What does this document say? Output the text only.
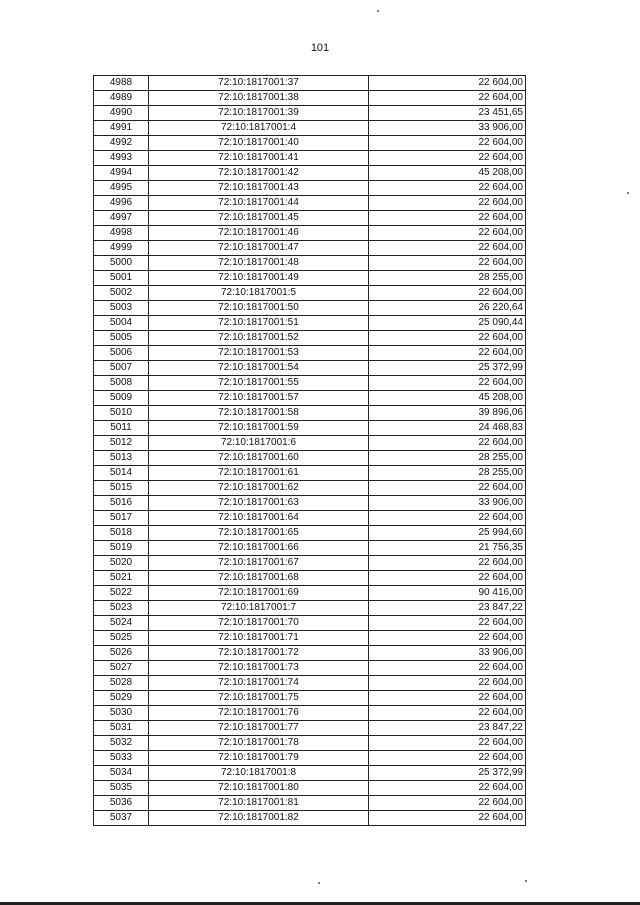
101
4988	72:10:1817001:37	22 604,00
4989	72:10:1817001:38	22 604,00
4990	72:10:1817001:39	23 451,65
4991	72:10:1817001:4	33 906,00
4992	72:10:1817001:40	22 604,00
4993	72:10:1817001:41	22 604,00
4994	72:10:1817001:42	45 208,00
4995	72:10:1817001:43	22 604,00
4996	72:10:1817001:44	22 604,00
4997	72:10:1817001:45	22 604,00
4998	72:10:1817001:46	22 604,00
4999	72:10:1817001:47	22 604,00
5000	72:10:1817001:48	22 604,00
5001	72:10:1817001:49	28 255,00
5002	72:10:1817001:5	22 604,00
5003	72:10:1817001:50	26 220,64
5004	72:10:1817001:51	25 090,44
5005	72:10:1817001:52	22 604,00
5006	72:10:1817001:53	22 604,00
5007	72:10:1817001:54	25 372,99
5008	72:10:1817001:55	22 604,00
5009	72:10:1817001:57	45 208,00
5010	72:10:1817001:58	39 896,06
5011	72:10:1817001:59	24 468,83
5012	72:10:1817001:6	22 604,00
5013	72:10:1817001:60	28 255,00
5014	72:10:1817001:61	28 255,00
5015	72:10:1817001:62	22 604,00
5016	72:10:1817001:63	33 906,00
5017	72:10:1817001:64	22 604,00
5018	72:10:1817001:65	25 994,60
5019	72:10:1817001:66	21 756,35
5020	72:10:1817001:67	22 604,00
5021	72:10:1817001:68	22 604,00
5022	72:10:1817001:69	90 416,00
5023	72:10:1817001:7	23 847,22
5024	72:10:1817001:70	22 604,00
5025	72:10:1817001:71	22 604,00
5026	72:10:1817001:72	33 906,00
5027	72:10:1817001:73	22 604,00
5028	72:10:1817001:74	22 604,00
5029	72:10:1817001:75	22 604,00
5030	72:10:1817001:76	22 604,00
5031	72:10:1817001:77	23 847,22
5032	72:10:1817001:78	22 604,00
5033	72:10:1817001:79	22 604,00
5034	72:10:1817001:8	25 372,99
5035	72:10:1817001:80	22 604,00
5036	72:10:1817001:81	22 604,00
5037	72:10:1817001:82	22 604,00
